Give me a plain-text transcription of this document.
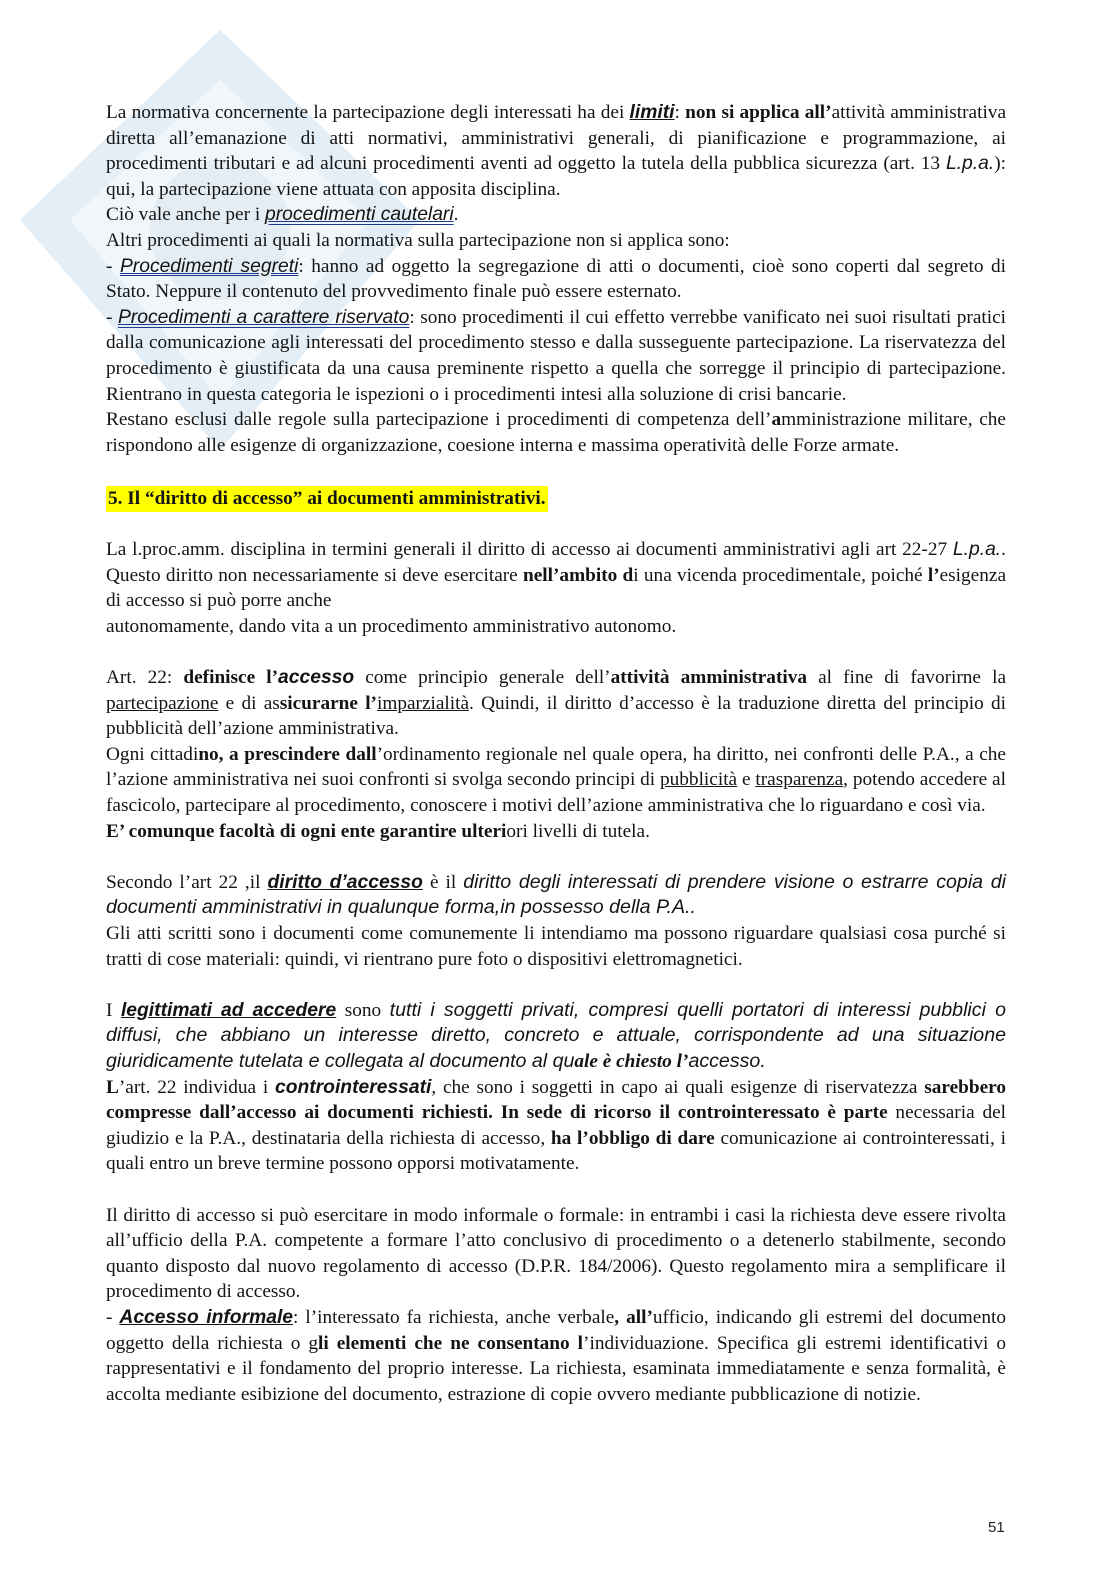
La normativa concernente la partecipazione degli interessati ha dei limiti: non si applica all’attività amministrativa diretta all’emanazione di atti normativi, amministrativi generali, di pianificazione e programmazione, ai procedimenti tributari e ad alcuni procedimenti aventi ad oggetto la tutela della pubblica sicurezza (art. 13 L.p.a.): qui, la partecipazione viene attuata con apposita disciplina.

Ciò vale anche per i procedimenti cautelari.

Altri procedimenti ai quali la normativa sulla partecipazione non si applica sono:

- Procedimenti segreti: hanno ad oggetto la segregazione di atti o documenti, cioè sono coperti dal segreto di Stato. Neppure il contenuto del provvedimento finale può essere esternato.

- Procedimenti a carattere riservato: sono procedimenti il cui effetto verrebbe vanificato nei suoi risultati pratici dalla comunicazione agli interessati del procedimento stesso e dalla susseguente partecipazione. La riservatezza del procedimento è giustificata da una causa preminente rispetto a quella che sorregge il principio di partecipazione. Rientrano in questa categoria le ispezioni o i procedimenti intesi alla soluzione di crisi bancarie.

Restano esclusi dalle regole sulla partecipazione i procedimenti di competenza dell’amministrazione militare, che rispondono alle esigenze di organizzazione, coesione interna e massima operatività delle Forze armate.

5. Il “diritto di accesso” ai documenti amministrativi.

La l.proc.amm. disciplina in termini generali il diritto di accesso ai documenti amministrativi agli art 22-27 L.p.a.. Questo diritto non necessariamente si deve esercitare nell’ambito di una vicenda procedimentale, poiché l’esigenza di accesso si può porre anche

autonomamente, dando vita a un procedimento amministrativo autonomo.

Art. 22: definisce l’accesso come principio generale dell’attività amministrativa al fine di favorirne la partecipazione e di assicurarne l’imparzialità. Quindi, il diritto d’accesso è la traduzione diretta del principio di pubblicità dell’azione amministrativa.

Ogni cittadino, a prescindere dall’ordinamento regionale nel quale opera, ha diritto, nei confronti delle P.A., a che l’azione amministrativa nei suoi confronti si svolga secondo principi di pubblicità e trasparenza, potendo accedere al fascicolo, partecipare al procedimento, conoscere i motivi dell’azione amministrativa che lo riguardano e così via.

E’ comunque facoltà di ogni ente garantire ulteriori livelli di tutela.

Secondo l’art 22 ,il diritto d’accesso è il diritto degli interessati di prendere visione o estrarre copia di documenti amministrativi in qualunque forma,in possesso della P.A..

Gli atti scritti sono i documenti come comunemente li intendiamo ma possono riguardare qualsiasi cosa purché si tratti di cose materiali: quindi, vi rientrano pure foto o dispositivi elettromagnetici.

I legittimati ad accedere sono tutti i soggetti privati, compresi quelli portatori di interessi pubblici o diffusi, che abbiano un interesse diretto, concreto e attuale, corrispondente ad una situazione giuridicamente tutelata e collegata al documento al quale è chiesto l’accesso.

L’art. 22 individua i controinteressati, che sono i soggetti in capo ai quali esigenze di riservatezza sarebbero compresse dall’accesso ai documenti richiesti. In sede di ricorso il controinteressato è parte necessaria del giudizio e la P.A., destinataria della richiesta di accesso, ha l’obbligo di dare comunicazione ai controinteressati, i quali entro un breve termine possono opporsi motivatamente.

Il diritto di accesso si può esercitare in modo informale o formale: in entrambi i casi la richiesta deve essere rivolta all’ufficio della P.A. competente a formare l’atto conclusivo di procedimento o a detenerlo stabilmente, secondo quanto disposto dal nuovo regolamento di accesso (D.P.R. 184/2006). Questo regolamento mira a semplificare il procedimento di accesso.

- Accesso informale: l’interessato fa richiesta, anche verbale, all’ufficio, indicando gli estremi del documento oggetto della richiesta o gli elementi che ne consentano l’individuazione. Specifica gli estremi identificativi o rappresentativi e il fondamento del proprio interesse. La richiesta, esaminata immediatamente e senza formalità, è accolta mediante esibizione del documento, estrazione di copie ovvero mediante pubblicazione di notizie.

51
